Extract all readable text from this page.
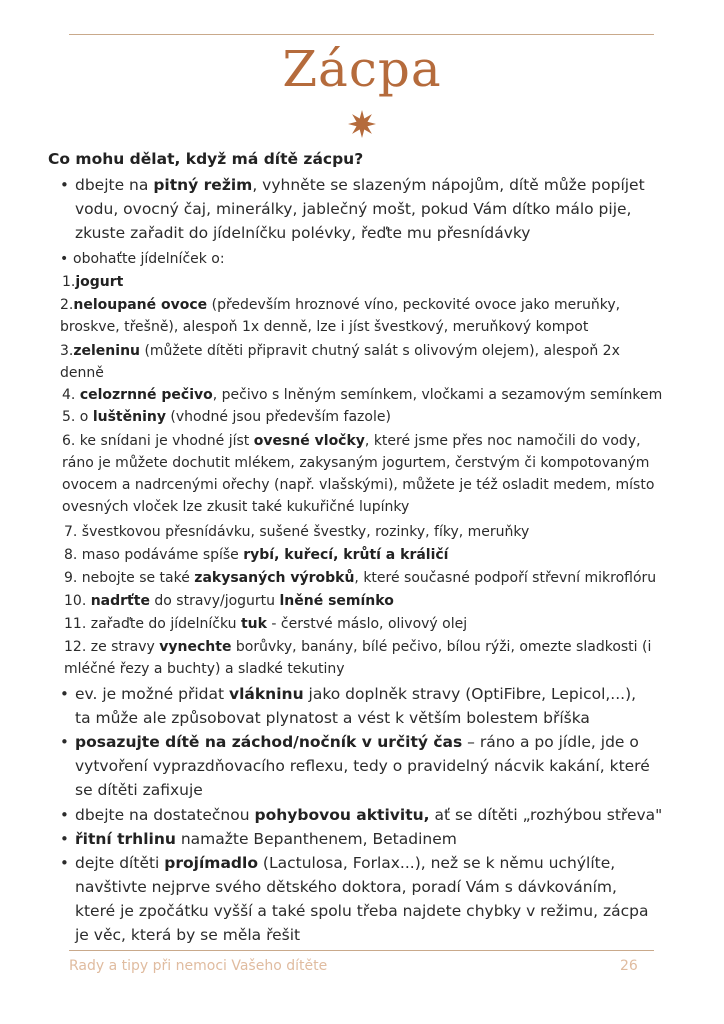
Zácpa
Co mohu dělat, když má dítě zácpu?
• dbejte na pitný režim, vyhněte se slazeným nápojům, dítě může popíjet vodu, ovocný čaj, minerálky, jablečný mošt, pokud Vám dítko málo pije, zkuste zařadit do jídelníčku polévky, řeďte mu přesnídávky
• obohaťte jídelníček o:
1.jogurt
2.neloupané ovoce (především hroznové víno, peckovité ovoce jako meruňky, broskve, třešně), alespoň 1x denně, lze i jíst švestkový, meruňkový kompot
3.zeleninu (můžete dítěti připravit chutný salát s olivovým olejem), alespoň 2x denně
4. celozrnné pečivo, pečivo s lněným semínkem, vločkami a sezamovým semínkem
5. o luštěniny (vhodné jsou především fazole)
6. ke snídani je vhodné jíst ovesné vločky, které jsme přes noc namočili do vody, ráno je můžete dochutit mlékem, zakysaným jogurtem, čerstvým či kompotovaným ovocem a nadrcenými ořechy (např. vlašskými), můžete je též osladit medem, místo ovesných vloček lze zkusit také kukuřičné lupínky
7. švestkovou přesnídávku, sušené švestky, rozinky, fíky, meruňky
8. maso podáváme spíše rybí, kuřecí, krůtí a králičí
9. nebojte se také zakysaných výrobků, které současné podpoří střevní mikroflóru
10. nadrťte do stravy/jogurtu lněné semínko
11. zařaďte do jídelníčku tuk - čerstvé máslo, olivový olej
12. ze stravy vynechte borůvky, banány, bílé pečivo, bílou rýži, omezte sladkosti (i mléčné řezy a buchty) a sladké tekutiny
• ev. je možné přidat vlákninu jako doplněk stravy (OptiFibre, Lepicol,...), ta může ale způsobovat plynatost a vést k větším bolestem bříška
• posazujte dítě na záchod/nočník v určitý čas – ráno a po jídle, jde o vytvoření vyprazdňovacího reflexu, tedy o pravidelný nácvik kakání, které se dítěti zafixuje
• dbejte na dostatečnou pohybovou aktivitu, ať se dítěti „rozhýbou střeva"
• řitní trhlinu namažte Bepanthenem, Betadinem
• dejte dítěti projímadlo (Lactulosa, Forlax...), než se k němu uchýlíte, navštivte nejprve svého dětského doktora, poradí Vám s dávkováním, které je zpočátku vyšší a také spolu třeba najdete chybky v režimu, zácpa je věc, která by se měla řešit
Rady a tipy při nemoci Vašeho dítěte	26
